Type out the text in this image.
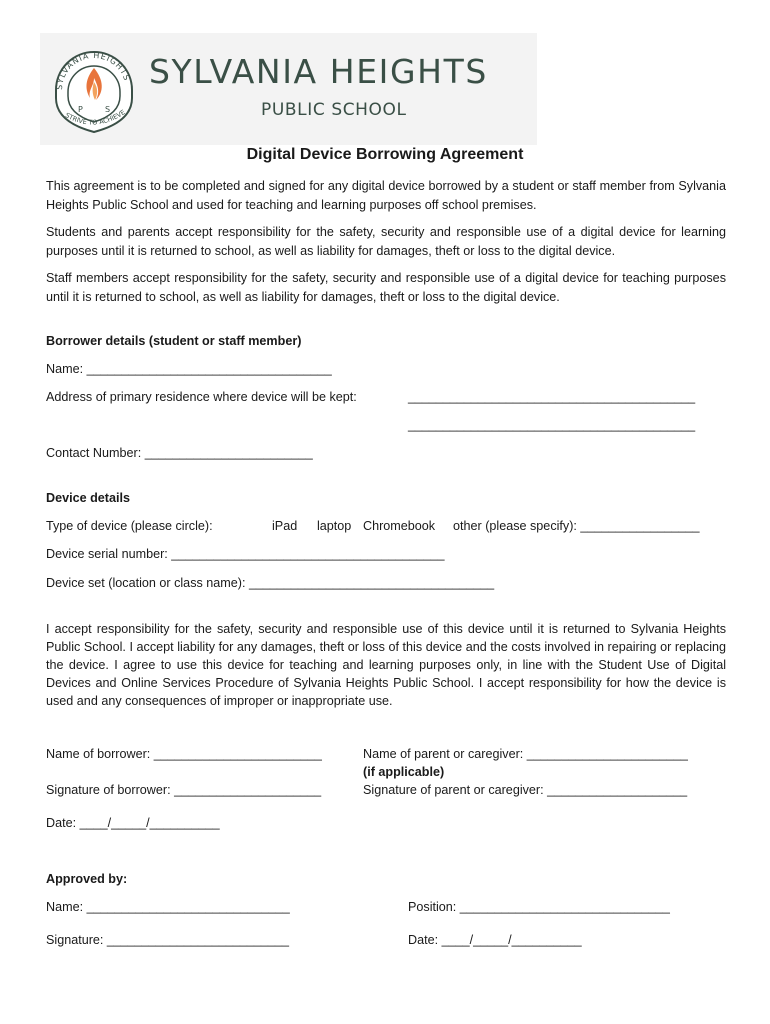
SYLVANIA HEIGHTS
P	S
STRIVE TO ACHIEVE
SYLVANIA HEIGHTS
PUBLIC SCHOOL
Digital Device Borrowing Agreement
This agreement is to be completed and signed for any digital device borrowed by a student or staff member from Sylvania Heights Public School and used for teaching and learning purposes off school premises.
Students and parents accept responsibility for the safety, security and responsible use of a digital device for learning purposes until it is returned to school, as well as liability for damages, theft or loss to the digital device.
Staff members accept responsibility for the safety, security and responsible use of a digital device for teaching purposes until it is returned to school, as well as liability for damages, theft or loss to the digital device.
Borrower details (student or staff member)
Name: ___________________________________
Address of primary residence where device will be kept:	_________________________________________
_________________________________________
Contact Number: ________________________
Device details
Type of device (please circle):	iPad laptop Chromebook other (please specify): _________________
Device serial number: _______________________________________
Device set (location or class name): ___________________________________
I accept responsibility for the safety, security and responsible use of this device until it is returned to Sylvania Heights Public School. I accept liability for any damages, theft or loss of this device and the costs involved in repairing or replacing the device. I agree to use this device for teaching and learning purposes only, in line with the Student Use of Digital Devices and Online Services Procedure of Sylvania Heights Public School. I accept responsibility for how the device is used and any consequences of improper or inappropriate use.
Name of borrower: ________________________	Name of parent or caregiver: _______________________
(if applicable)
Signature of borrower: _____________________	Signature of parent or caregiver: ____________________
Date: ____/_____/__________
Approved by:
Name: _____________________________	Position: ______________________________
Signature: __________________________	Date: ____/_____/__________
